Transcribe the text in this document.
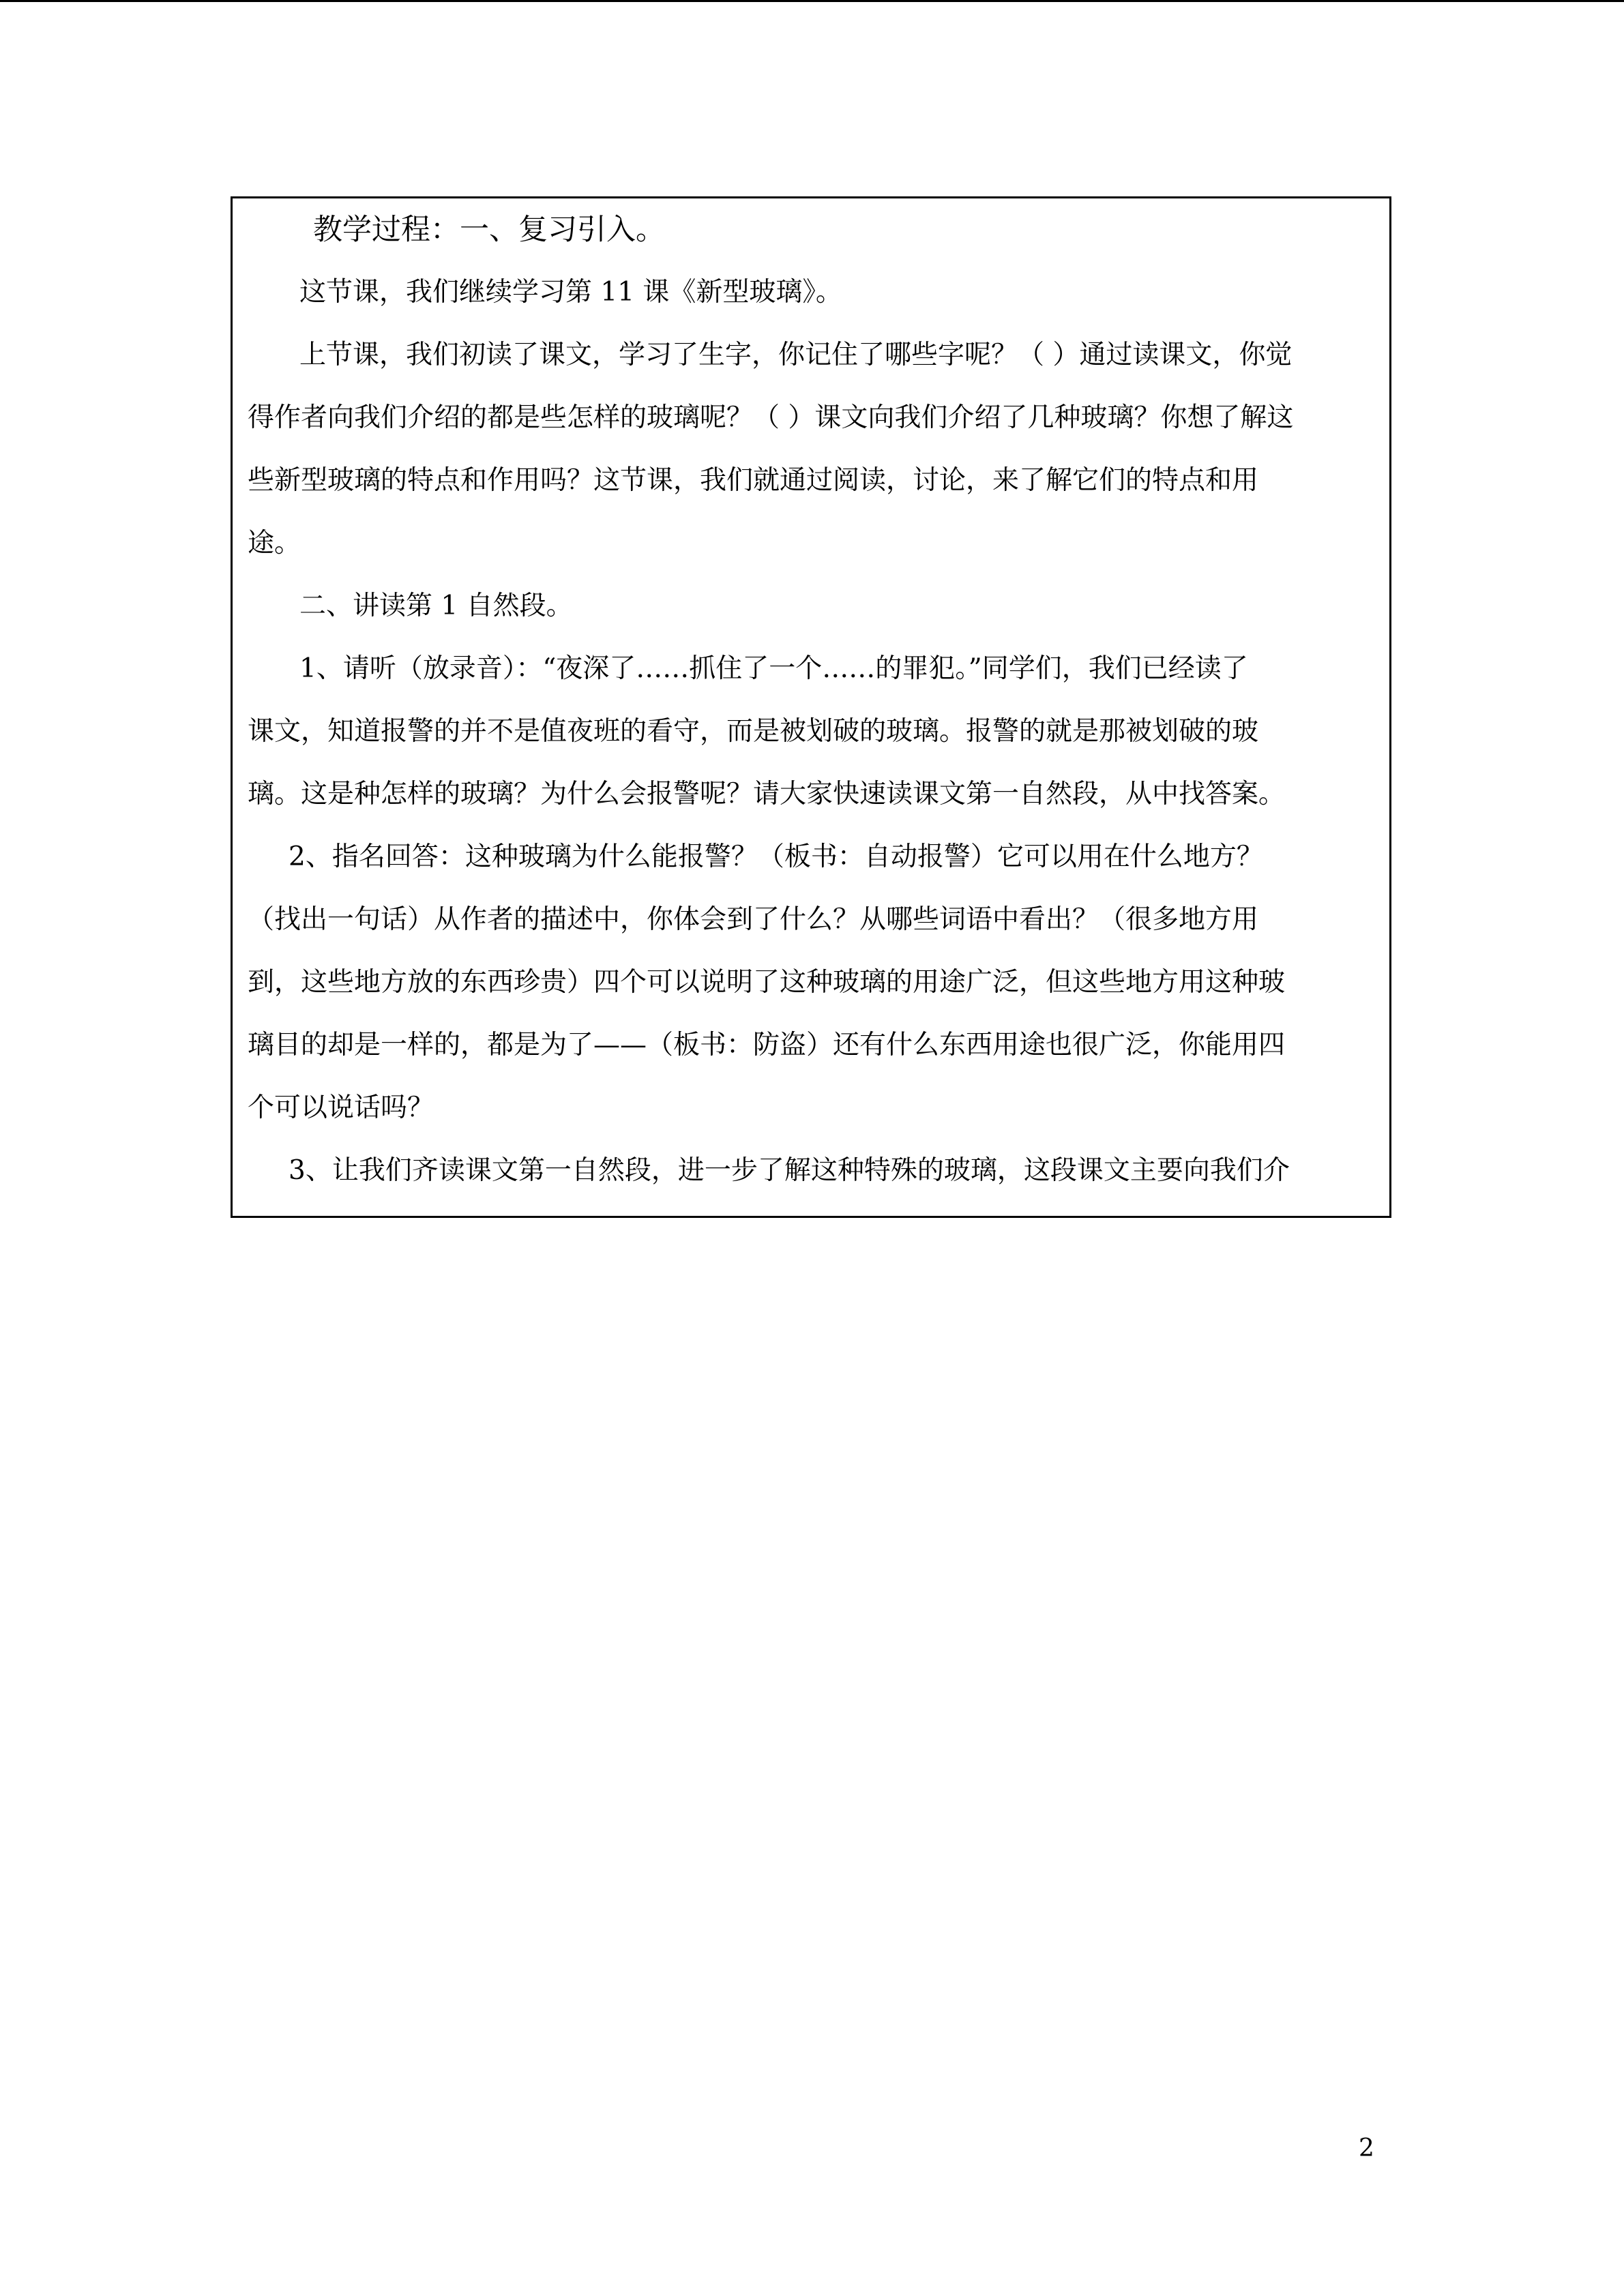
教学过程：一、复习引入。
这节课，我们继续学习第 11 课《新型玻璃》。
上节课，我们初读了课文，学习了生字，你记住了哪些字呢？（ ）通过读课文，你觉
得作者向我们介绍的都是些怎样的玻璃呢？（ ）课文向我们介绍了几种玻璃？你想了解这
些新型玻璃的特点和作用吗？这节课，我们就通过阅读，讨论，来了解它们的特点和用
途。
二、讲读第 1 自然段。
1、请听（放录音）：“夜深了……抓住了一个……的罪犯。”同学们，我们已经读了
课文，知道报警的并不是值夜班的看守，而是被划破的玻璃。报警的就是那被划破的玻
璃。这是种怎样的玻璃？为什么会报警呢？请大家快速读课文第一自然段，从中找答案。
2、指名回答：这种玻璃为什么能报警？（板书：自动报警）它可以用在什么地方？
（找出一句话）从作者的描述中，你体会到了什么？从哪些词语中看出？（很多地方用
到，这些地方放的东西珍贵）四个可以说明了这种玻璃的用途广泛，但这些地方用这种玻
璃目的却是一样的，都是为了——（板书：防盗）还有什么东西用途也很广泛，你能用四
个可以说话吗？
3、让我们齐读课文第一自然段，进一步了解这种特殊的玻璃，这段课文主要向我们介
2
